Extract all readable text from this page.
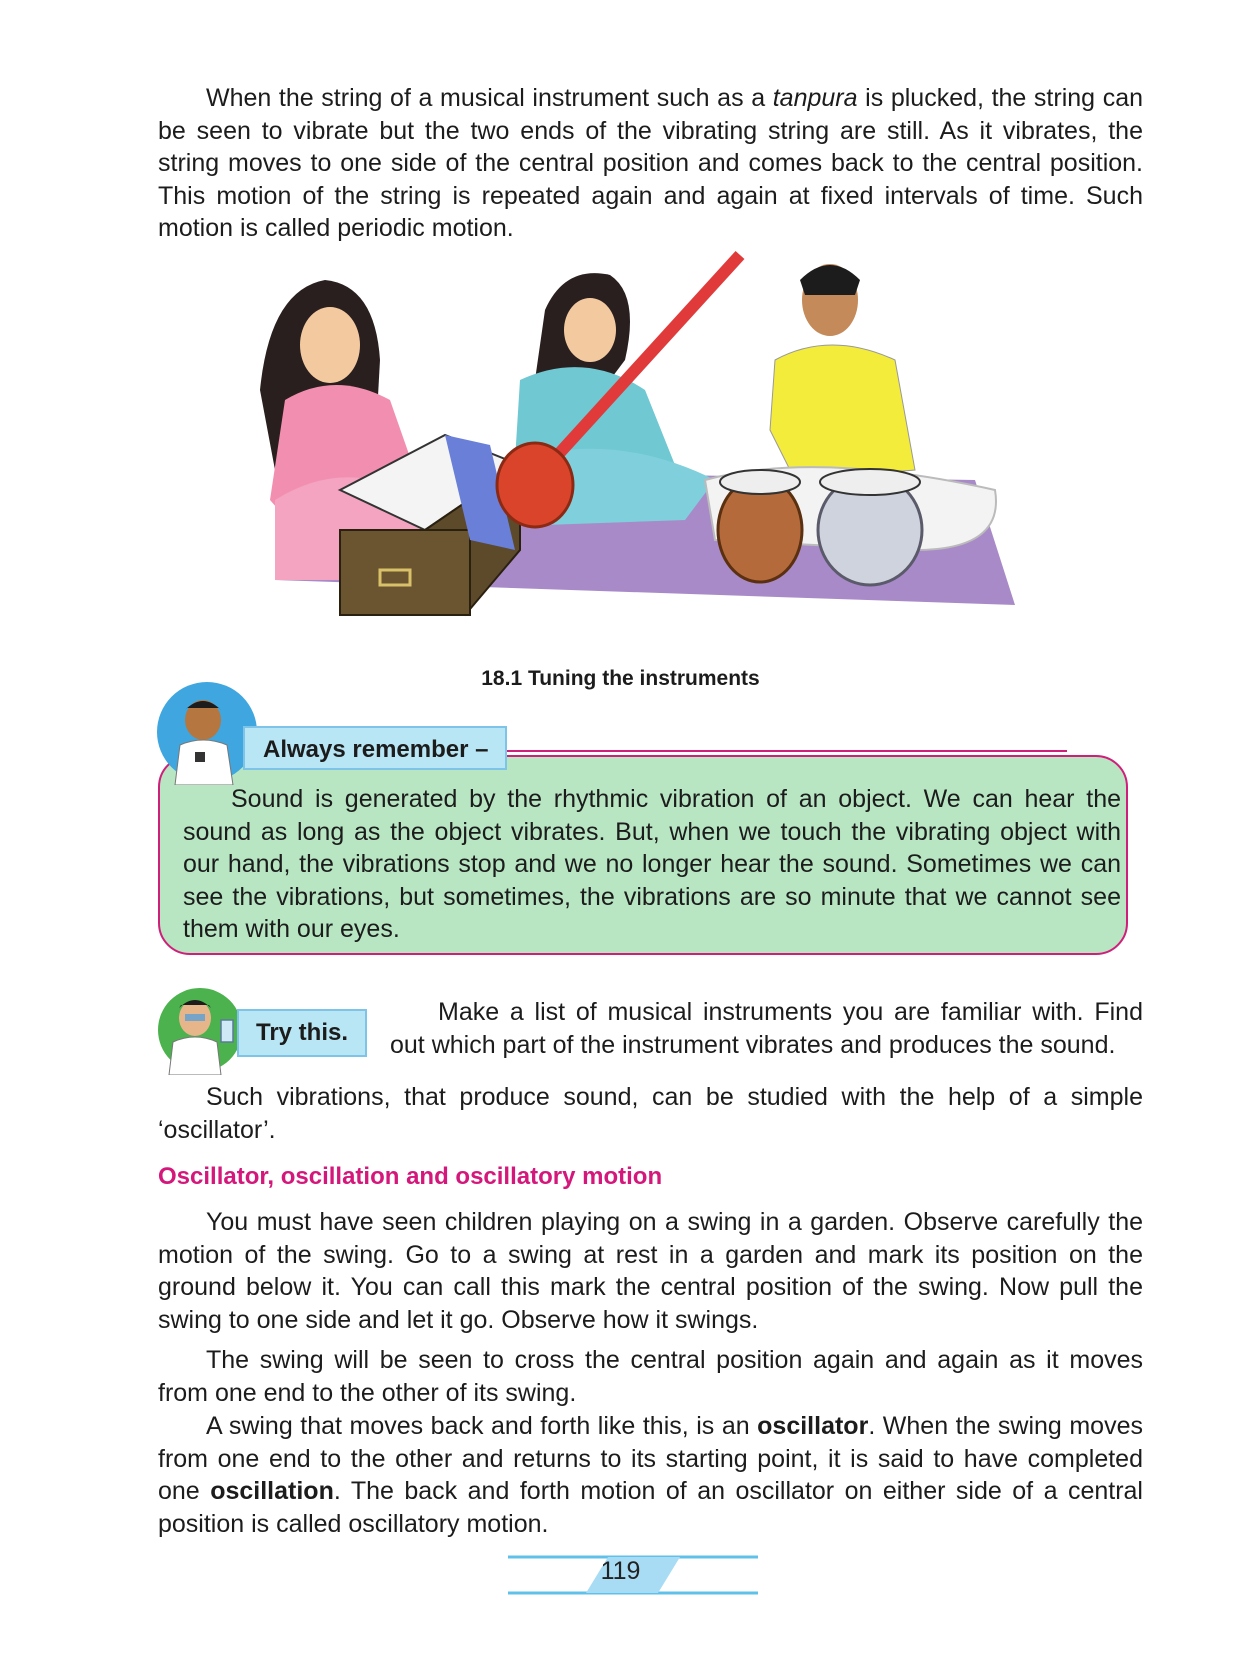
When the string of a musical instrument such as a tanpura is plucked, the string can be seen to vibrate but the two ends of the vibrating string are still. As it vibrates, the string moves to one side of the central position and comes back to the central position. This motion of the string is repeated again and again at fixed intervals of time. Such motion is called periodic motion.

18.1 Tuning the instruments
Always remember –

Sound is generated by the rhythmic vibration of an object. We can hear the sound as long as the object vibrates. But, when we touch the vibrating object with our hand, the vibrations stop and we no longer hear the sound. Sometimes we can see the vibrations, but sometimes, the vibrations are so minute that we cannot see them with our eyes.

Try this.

Make a list of musical instruments you are familiar with. Find out which part of the instrument vibrates and produces the sound.

Such vibrations, that produce sound, can be studied with the help of a simple ‘oscillator’.

Oscillator, oscillation and oscillatory motion

You must have seen children playing on a swing in a garden. Observe carefully the motion of the swing. Go to a swing at rest in a garden and mark its position on the ground below it. You can call this mark the central position of the swing. Now pull the swing to one side and let it go. Observe how it swings.

The swing will be seen to cross the central position again and again as it moves from one end to the other of its swing.

A swing that moves back and forth like this, is an oscillator. When the swing moves from one end to the other and returns to its starting point, it is said to have completed one oscillation. The back and forth motion of an oscillator on either side of a central position is called oscillatory motion.

119
